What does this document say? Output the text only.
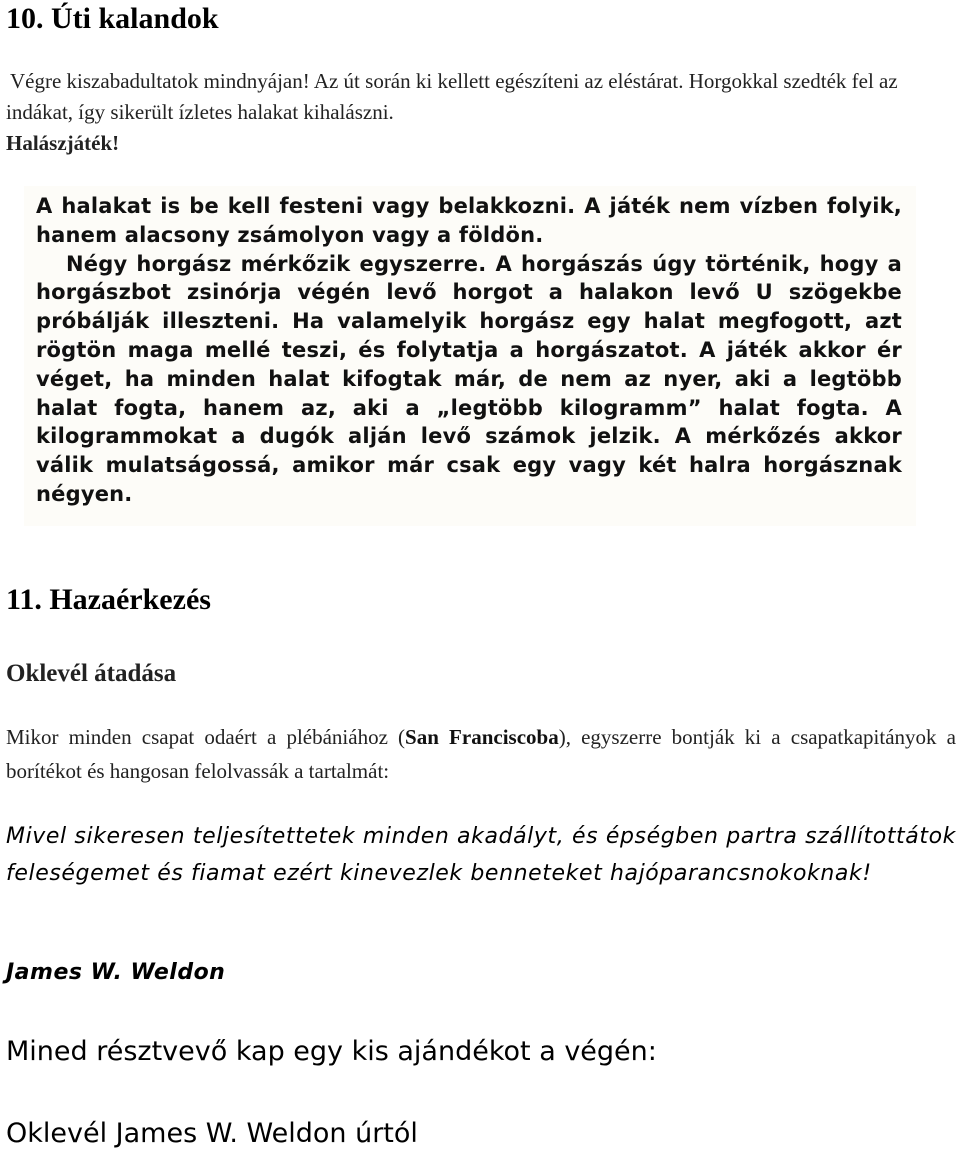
10. Úti kalandok
Végre kiszabadultatok mindnyájan! Az út során ki kellett egészíteni az eléstárat. Horgokkal szedték fel az indákat, így sikerült ízletes halakat kihalászni.
Halászjáték!
A halakat is be kell festeni vagy belakkozni. A játék nem vízben folyik, hanem alacsony zsámolyon vagy a földön.
Négy horgász mérkőzik egyszerre. A horgászás úgy történik, hogy a horgászbot zsinórja végén levő horgot a halakon levő U szögekbe próbálják illeszteni. Ha valamelyik horgász egy halat megfogott, azt rögtön maga mellé teszi, és folytatja a horgászatot. A játék akkor ér véget, ha minden halat kifogtak már, de nem az nyer, aki a legtöbb halat fogta, hanem az, aki a „legtöbb kilogramm” halat fogta. A kilogrammokat a dugók alján levő számok jelzik. A mérkőzés akkor válik mulatságossá, amikor már csak egy vagy két halra horgásznak négyen.
11. Hazaérkezés
Oklevél átadása
Mikor minden csapat odaért a plébániához (San Franciscoba), egyszerre bontják ki a csapatkapitányok a borítékot és hangosan felolvassák a tartalmát:
Mivel sikeresen teljesítettetek minden akadályt, és épségben partra szállítottátok feleségemet és fiamat ezért kinevezlek benneteket hajóparancsnokoknak!
James W. Weldon
Mined résztvevő kap egy kis ajándékot a végén:
Oklevél James W. Weldon úrtól
